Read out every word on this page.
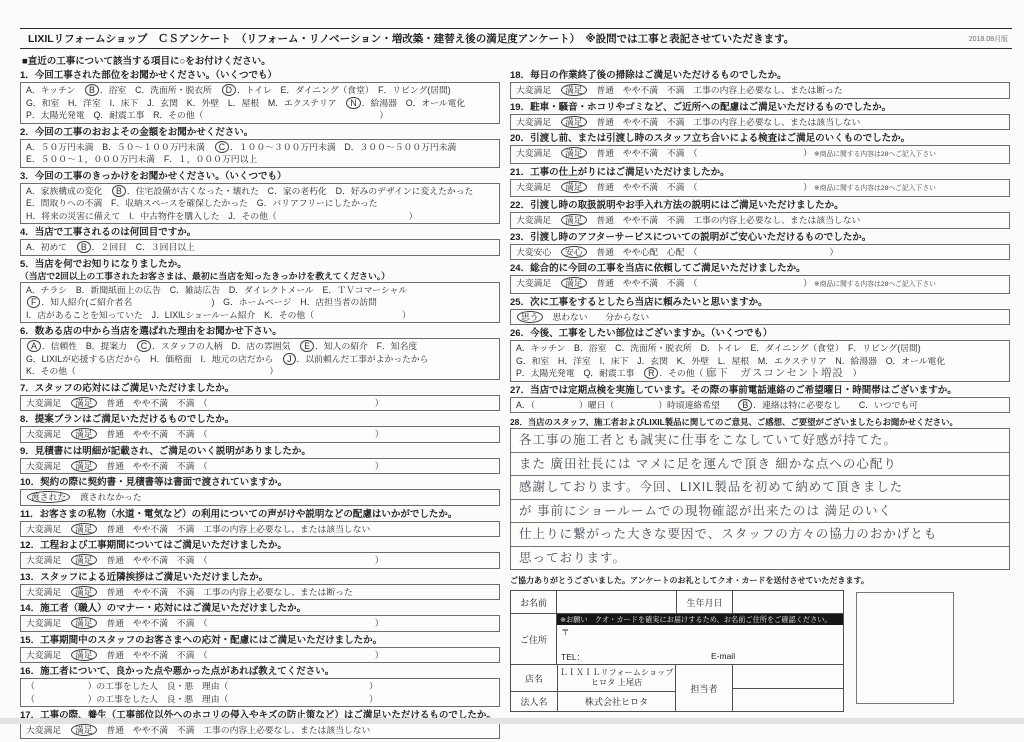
LIXILリフォームショップ　ＣＳアンケート　（リフォーム・リノベーション・増改築・建替え後の満足度アンケート）　※設問では工事と表記させていただきます。	2018.08月版
■直近の工事について該当する項目に○をお付けください。
1．今回工事された部位をお聞かせください。（いくつでも）
A．キッチン　B ．浴室　C．洗面所・脱衣所　D ．トイレ　E．ダイニング（食堂）　F．リビング(居間)
G．和室　H．洋室　I．床下　J．玄関　K．外壁　L．屋根　M．エクステリア　N ．給湯器　O．オール電化
P．太陽光発電　Q．耐震工事　R．その他（　　　　　　　　　　　　　　　　　　　　）
2．今回の工事のおおよその金額をお聞かせください。
A．５０万円未満　B．５０～１００万円未満　C ．１００～３００万円未満　D．３００～５００万円未満
E．５００～１，０００万円未満　F．１，０００万円以上
3．今回の工事のきっかけをお聞かせください。（いくつでも）
A．家族構成の変化　B ．住宅設備が古くなった・壊れた　C．家の老朽化　D．好みのデザインに変えたかった
E．間取りへの不満　F．収納スペースを確保したかった　G．バリアフリーにしたかった
H．将来の災害に備えて　I．中古物件を購入した　J．その他（　　　　　　　　　　　　　　　）
4．当店で工事されるのは何回目ですか。
A．初めて　B ．２回目　C．３回目以上
5．当店を何でお知りになりましたか。
（当店で2回以上の工事されたお客さまは、最初に当店を知ったきっかけを教えてください。）
A．チラシ　B．新聞紙面上の広告　C．雑誌広告　D．ダイレクトメール　E．ＴＶコマーシャル
F ．知人紹介(ご紹介者名　　　　　　　　　)　G．ホームページ　H．店担当者の訪問
I．店があることを知っていた　J．LIXILショールーム紹介　K．その他（　　　　　　　　　　）
6．数ある店の中から当店を選ばれた理由をお聞かせ下さい。
A ．信頼性　B．提案力　C ．スタッフの人柄　D．店の雰囲気　E ．知人の紹介　F．知名度
G．LIXILが応援する店だから　H．価格面　I．地元の店だから　J ．以前頼んだ工事がよかったから
K．その他（　　　　　　　　　　　　　　　　　　　　　　）
7．スタッフの応対にはご満足いただけましたか。
大変満足　満足　普通　やや不満　不満　（　　　　　　　　　　　　　　　　　　　）
8．提案プランはご満足いただけるものでしたか。
大変満足　満足　普通　やや不満　不満　（　　　　　　　　　　　　　　　　　　　）
9．見積書には明細が記載され、ご満足のいく説明がありましたか。
大変満足　満足　普通　やや不満　不満　（　　　　　　　　　　　　　　　　　　　）
10．契約の際に契約書・見積書等は書面で渡されていますか。
渡された　渡されなかった
11．お客さまの私物（水道・電気など）の利用についての声がけや説明などの配慮はいかがでしたか。
大変満足　満足　普通　やや不満　不満　工事の内容上必要なし、または該当しない
12．工程および工事期間についてはご満足いただけましたか。
大変満足　満足　普通　やや不満　不満　（　　　　　　　　　　　　　　　　　　　）
13．スタッフによる近隣挨拶はご満足いただけましたか。
大変満足　満足　普通　やや不満　不満　工事の内容上必要なし、または断った
14．施工者（職人）のマナー・応対にはご満足いただけましたか。
大変満足　満足　普通　やや不満　不満　（　　　　　　　　　　　　　　　　　　　）
15．工事期間中のスタッフのお客さまへの応対・配慮にはご満足いただけましたか。
大変満足　満足　普通　やや不満　不満　（　　　　　　　　　　　　　　　　　　　）
16．施工者について、良かった点や悪かった点があれば教えてください。
（　　　　　　）の工事をした人　良・悪　理由（　　　　　　　　　　　　　　　　）
（　　　　　　）の工事をした人　良・悪　理由（　　　　　　　　　　　　　　　　）
17．工事の際、養生（工事部位以外へのホコリの侵入やキズの防止策など）はご満足いただけるものでしたか。
大変満足　満足　普通　やや不満　不満　工事の内容上必要なし、または該当しない
18．毎日の作業終了後の掃除はご満足いただけるものでしたか。
大変満足　満足　普通　やや不満　不満　工事の内容上必要なし、または断った
19．駐車・騒音・ホコリやゴミなど、ご近所への配慮はご満足いただけるものでしたか。
大変満足　満足　普通　やや不満　不満　工事の内容上必要なし、または該当しない
20．引渡し前、または引渡し時のスタッフ立ち合いによる検査はご満足のいくものでしたか。
大変満足　満足　普通　やや不満　不満　（　　　　　　　　　　　　） ※商品に関する内容は28へご記入下さい
21．工事の仕上がりにはご満足いただけましたか。
大変満足　満足　普通　やや不満　不満　（　　　　　　　　　　　　） ※商品に関する内容は28へご記入下さい
22．引渡し時の取扱説明やお手入れ方法の説明にはご満足いただけましたか。
大変満足　満足　普通　やや不満　不満　工事の内容上必要なし、または該当しない
23．引渡し時のアフターサービスについての説明がご安心いただけるものでしたか。
大変安心　安心　普通　やや心配　心配　（　　　　　　　　　　　　　　　）
24．総合的に今回の工事を当店に依頼してご満足いただけましたか。
大変満足　満足　普通　やや不満　不満　（　　　　　　　　　　　　） ※商品に関する内容は28へご記入下さい
25．次に工事をするとしたら当店に頼みたいと思いますか。
思う　思わない　　分からない
26．今後、工事をしたい部位はございますか。（いくつでも）
A．キッチン　B．浴室　C．洗面所・脱衣所　D．トイレ　E．ダイニング（食堂）　F．リビング(居間)
G．和室　H．洋室　I．床下　J．玄関　K．外壁　L．屋根　M．エクステリア　N．給湯器　O．オール電化
P．太陽光発電　Q．耐震工事　R ．その他（ 廊下　ガスコンセント増設　）
27．当店では定期点検を実施しています。その際の事前電話連絡のご希望曜日・時間帯はございますか。
A．（　　　　　）曜日（　　　　　）時頃連絡希望　　B ．連絡は特に必要なし　　C．いつでも可
28．当店のスタッフ、施工者およびLIXIL製品に関してのご意見、ご感想、ご要望がございましたらお聞かせください。
各工事の施工者とも誠実に仕事をこなしていて好感が持てた。
また 廣田社長には マメに足を運んで頂き 細かな点への心配り
感謝しております。今回、LIXIL製品を初めて納めて頂きました
が 事前にショールームでの現物確認が出来たのは 満足のいく
仕上りに繋がった大きな要因で、スタッフの方々の協力のおかげとも
思っております。
ご協力ありがとうございました。アンケートのお礼としてクオ・カードを送付させていただきます。
お名前	生年月日
ご住所
※お願い　クオ・カードを確実にお届けするため、お名前ご住所をご確認ください。
〒
TEL：	E-mail
店名
ＬＩＸＩＬリフォームショップ
ヒロタ 上尾店
法人名	株式会社ヒロタ
担当者
